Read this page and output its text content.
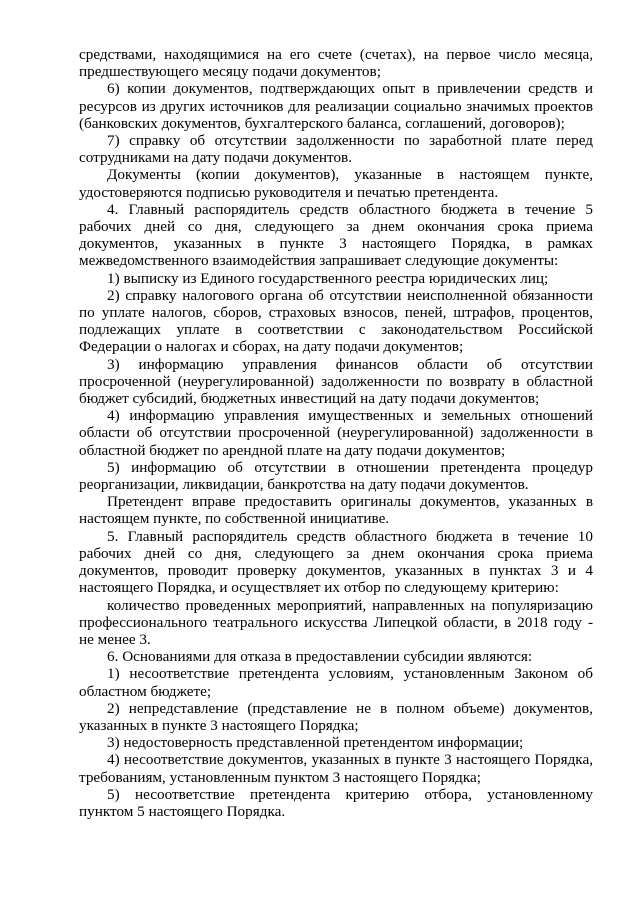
средствами, находящимися на его счете (счетах), на первое число месяца, предшествующего месяцу подачи документов;

6) копии документов, подтверждающих опыт в привлечении средств и ресурсов из других источников для реализации социально значимых проектов (банковских документов, бухгалтерского баланса, соглашений, договоров);

7) справку об отсутствии задолженности по заработной плате перед сотрудниками на дату подачи документов.

Документы (копии документов), указанные в настоящем пункте, удостоверяются подписью руководителя и печатью претендента.

4. Главный распорядитель средств областного бюджета в течение 5 рабочих дней со дня, следующего за днем окончания срока приема документов, указанных в пункте 3 настоящего Порядка, в рамках межведомственного взаимодействия запрашивает следующие документы:

1) выписку из Единого государственного реестра юридических лиц;

2) справку налогового органа об отсутствии неисполненной обязанности по уплате налогов, сборов, страховых взносов, пеней, штрафов, процентов, подлежащих уплате в соответствии с законодательством Российской Федерации о налогах и сборах, на дату подачи документов;

3) информацию управления финансов области об отсутствии просроченной (неурегулированной) задолженности по возврату в областной бюджет субсидий, бюджетных инвестиций на дату подачи документов;

4) информацию управления имущественных и земельных отношений области об отсутствии просроченной (неурегулированной) задолженности в областной бюджет по арендной плате на дату подачи документов;

5) информацию об отсутствии в отношении претендента процедур реорганизации, ликвидации, банкротства на дату подачи документов.

Претендент вправе предоставить оригиналы документов, указанных в настоящем пункте, по собственной инициативе.

5. Главный распорядитель средств областного бюджета в течение 10 рабочих дней со дня, следующего за днем окончания срока приема документов, проводит проверку документов, указанных в пунктах 3 и 4 настоящего Порядка, и осуществляет их отбор по следующему критерию:

количество проведенных мероприятий, направленных на популяризацию профессионального театрального искусства Липецкой области, в 2018 году - не менее 3.

6. Основаниями для отказа в предоставлении субсидии являются:

1) несоответствие претендента условиям, установленным Законом об областном бюджете;

2) непредставление (представление не в полном объеме) документов, указанных в пункте 3 настоящего Порядка;

3) недостоверность представленной претендентом информации;

4) несоответствие документов, указанных в пункте 3 настоящего Порядка, требованиям, установленным пунктом 3 настоящего Порядка;

5) несоответствие претендента критерию отбора, установленному пунктом 5 настоящего Порядка.
